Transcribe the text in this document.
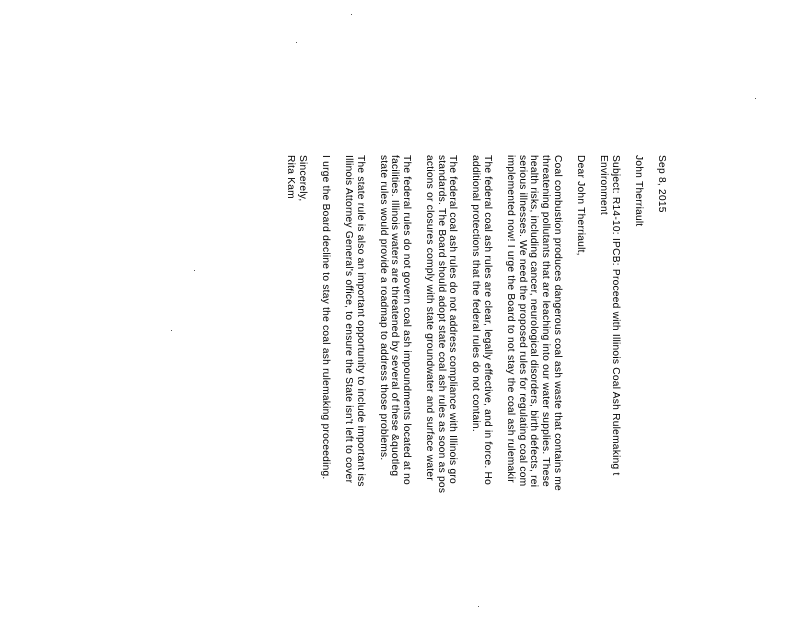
Sep 8, 2015
John Therriault
Subject: R14-10: IPCB: Proceed with Illinois Coal Ash Rulemaking t
Environment
Dear John Therriault,
Coal combustion produces dangerous coal ash waste that contains me
threatening pollutants that are leaching into our water supplies. These
health risks, including cancer, neurological disorders, birth defects, rei
serious illnesses. We need the proposed rules for regulating coal com
implemented now! I urge the Board to not stay the coal ash rulemakir
The federal coal ash rules are clear, legally effective, and in force. Ho
additional protections that the federal rules do not contain.
The federal coal ash rules do not address compliance with Illinois gro
standards. The Board should adopt state coal ash rules as soon as pos
actions or closures comply with state groundwater and surface water
The federal rules do not govern coal ash impoundments located at no
facilities. Illinois waters are threatened by several of these &quotleg
state rules would provide a roadmap to address those problems.
The state rule is also an important opportunity to include important iss
Illinois Attorney General's office, to ensure the State isn't left to cover
I urge the Board decline to stay the coal ash rulemaking proceeding.
Sincerely,
Rita Kam
